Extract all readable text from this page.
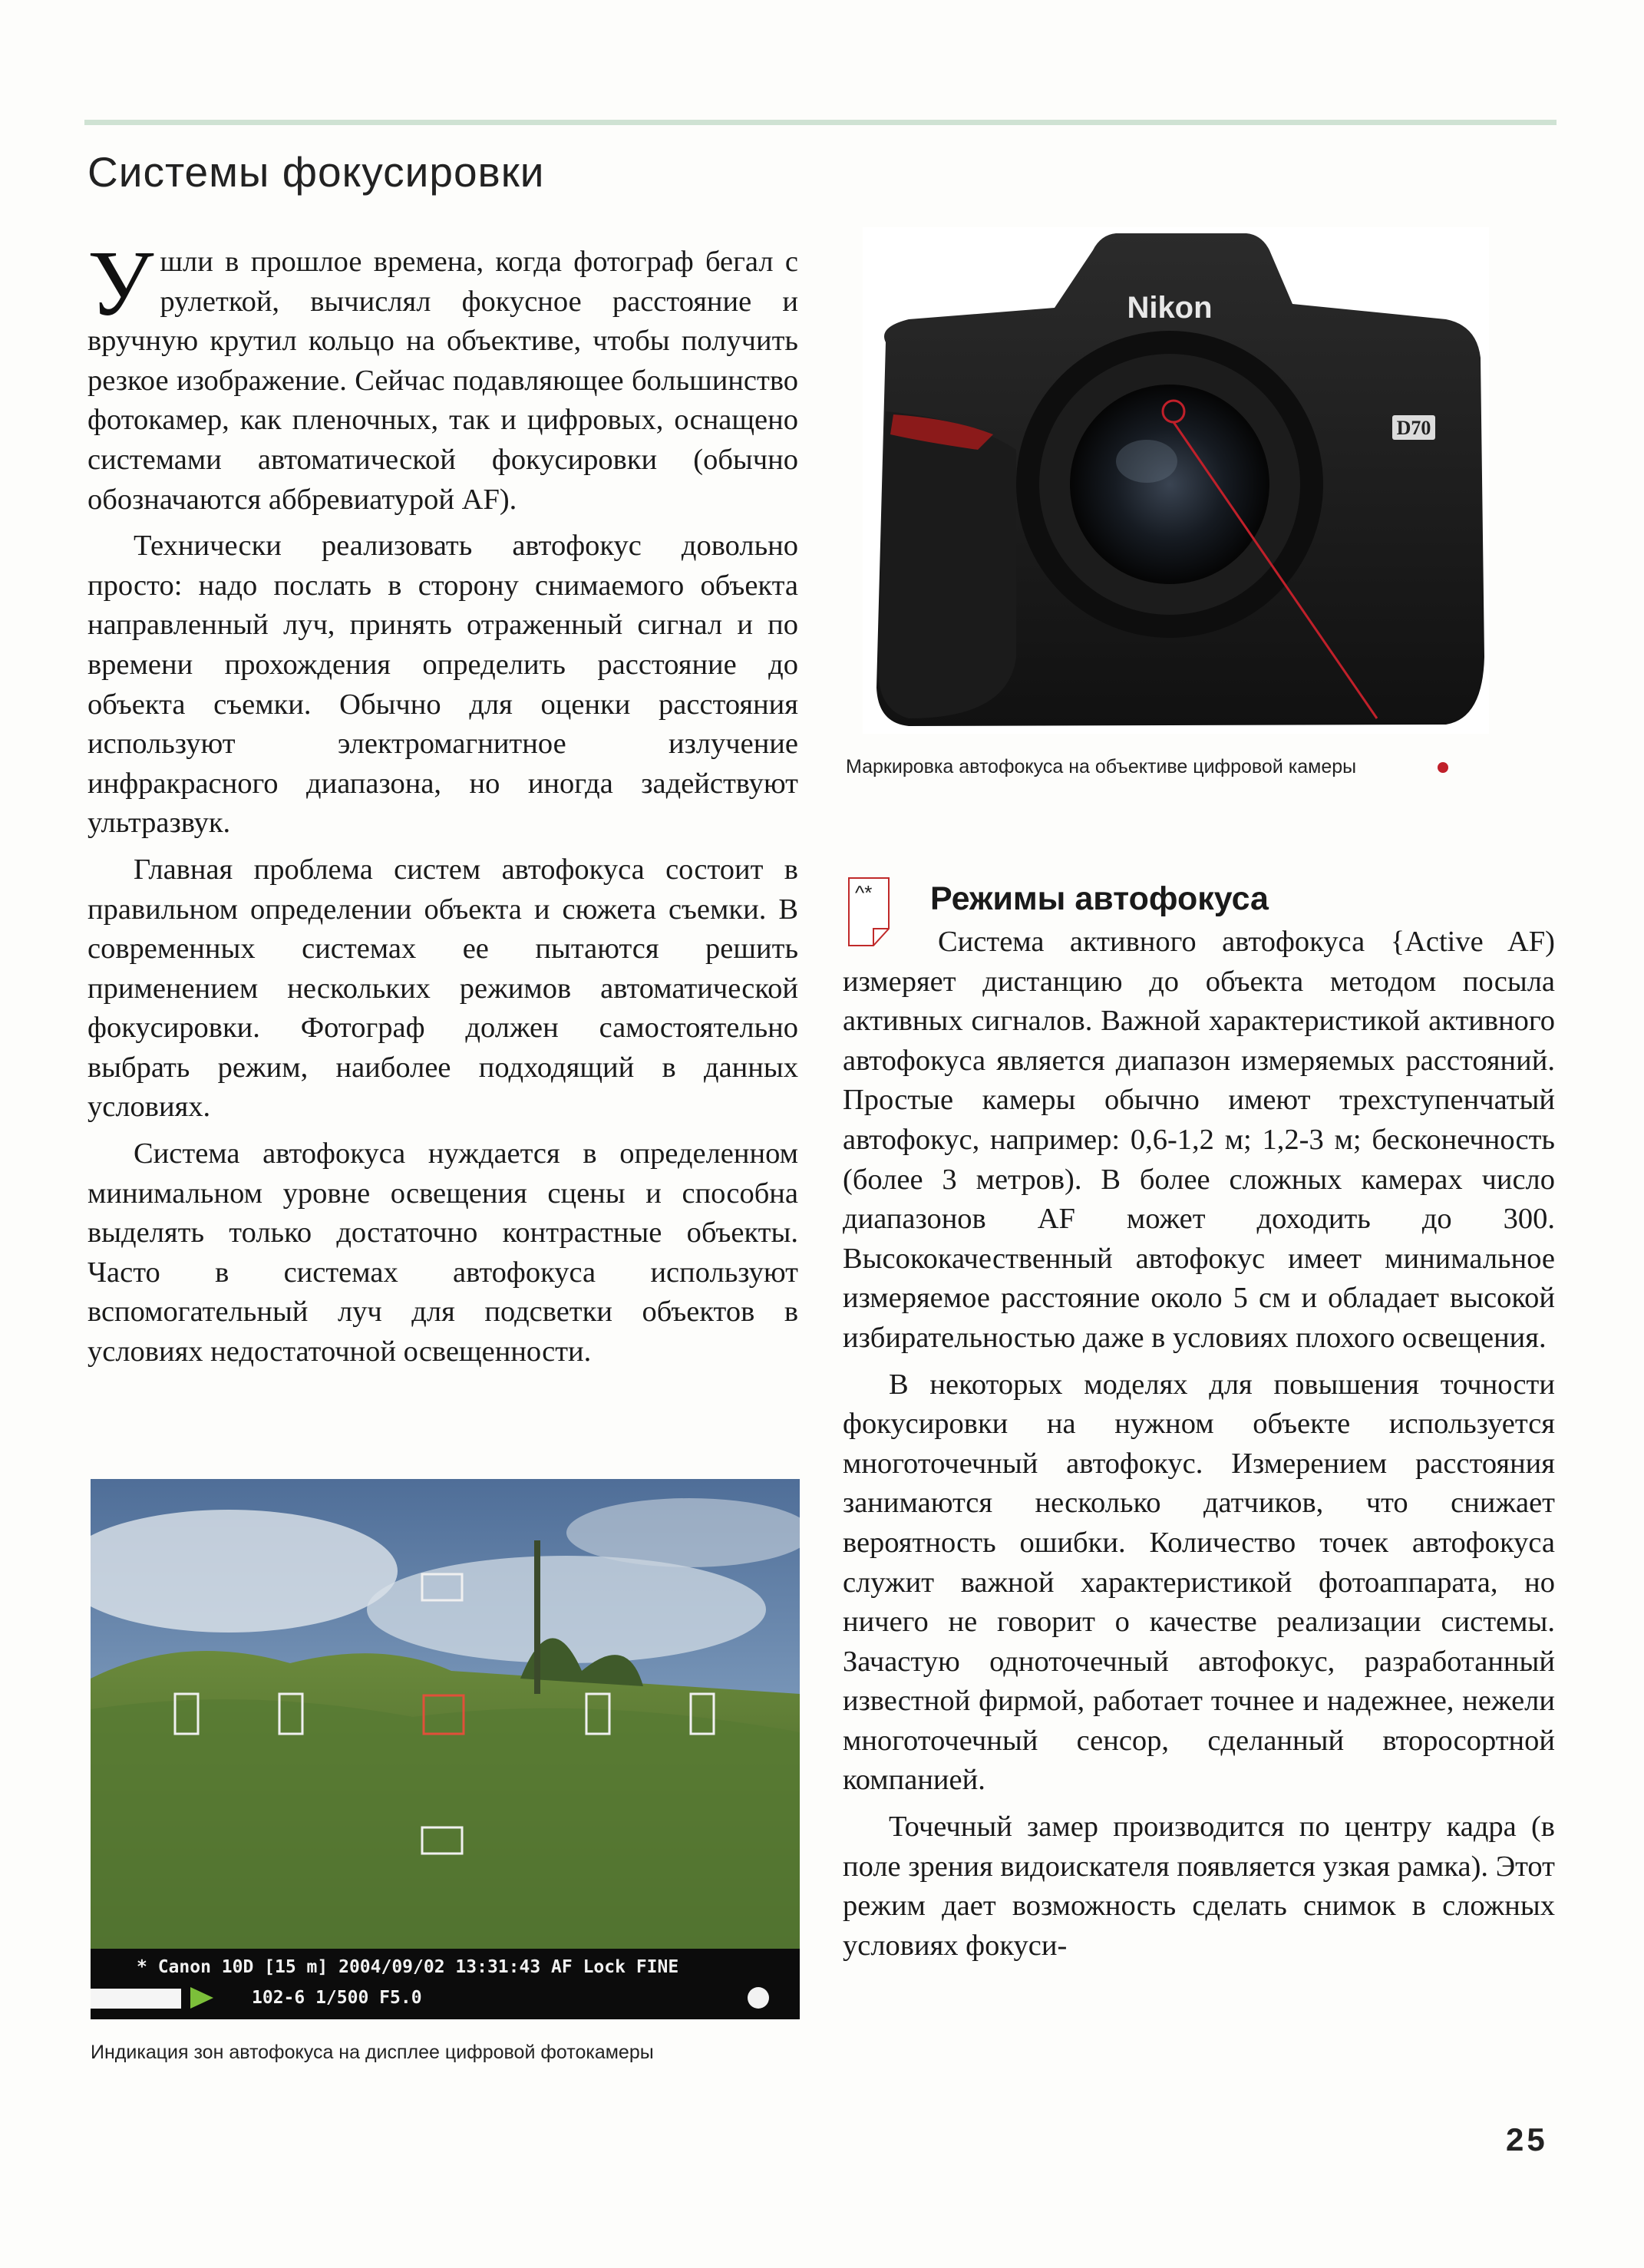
Системы фокусировки

Ушли в прошлое времена, когда фотограф бегал с рулеткой, вычислял фокусное расстояние и вручную крутил кольцо на объективе, чтобы получить резкое изображение. Сейчас подавляющее большинство фотокамер, как пленочных, так и цифровых, оснащено системами автоматической фокусировки (обычно обозначаются аббревиатурой AF).

Технически реализовать автофокус довольно просто: надо послать в сторону снимаемого объекта направленный луч, принять отраженный сигнал и по времени прохождения определить расстояние до объекта съемки. Обычно для оценки расстояния используют электромагнитное излучение инфракрасного диапазона, но иногда задействуют ультразвук.

Главная проблема систем автофокуса состоит в правильном определении объекта и сюжета съемки. В современных системах ее пытаются решить применением нескольких режимов автоматической фокусировки. Фотограф должен самостоятельно выбрать режим, наиболее подходящий в данных условиях.

Система автофокуса нуждается в определенном минимальном уровне освещения сцены и способна выделять только достаточно контрастные объекты. Часто в системах автофокуса используют вспомогательный луч для подсветки объектов в условиях недостаточной освещенности.

Nikon
D70
Маркировка автофокуса на объективе цифровой камеры
^* Режимы автофокуса

Система активного автофокуса {Active AF) измеряет дистанцию до объекта методом посыла активных сигналов. Важной характеристикой активного автофокуса является диапазон измеряемых расстояний. Простые камеры обычно имеют трехступенчатый автофокус, например: 0,6-1,2 м; 1,2-3 м; бесконечность (более 3 метров). В более сложных камерах число диапазонов AF может доходить до 300. Высококачественный автофокус имеет минимальное измеряемое расстояние около 5 см и обладает высокой избирательностью даже в условиях плохого освещения.

В некоторых моделях для повышения точности фокусировки на нужном объекте используется многоточечный автофокус. Измерением расстояния занимаются несколько датчиков, что снижает вероятность ошибки. Количество точек автофокуса служит важной характеристикой фотоаппарата, но ничего не говорит о качестве реализации системы. Зачастую одноточечный автофокус, разработанный известной фирмой, работает точнее и надежнее, нежели многоточечный сенсор, сделанный второсортной компанией.

Точечный замер производится по центру кадра (в поле зрения видоискателя появляется узкая рамка). Этот режим дает возможность сделать снимок в сложных условиях фокуси-

* Canon 10D [15 m] 2004/09/02 13:31:43 AF Lock FINE
102-6 1/500 F5.0
Индикация зон автофокуса на дисплее цифровой фотокамеры
25
